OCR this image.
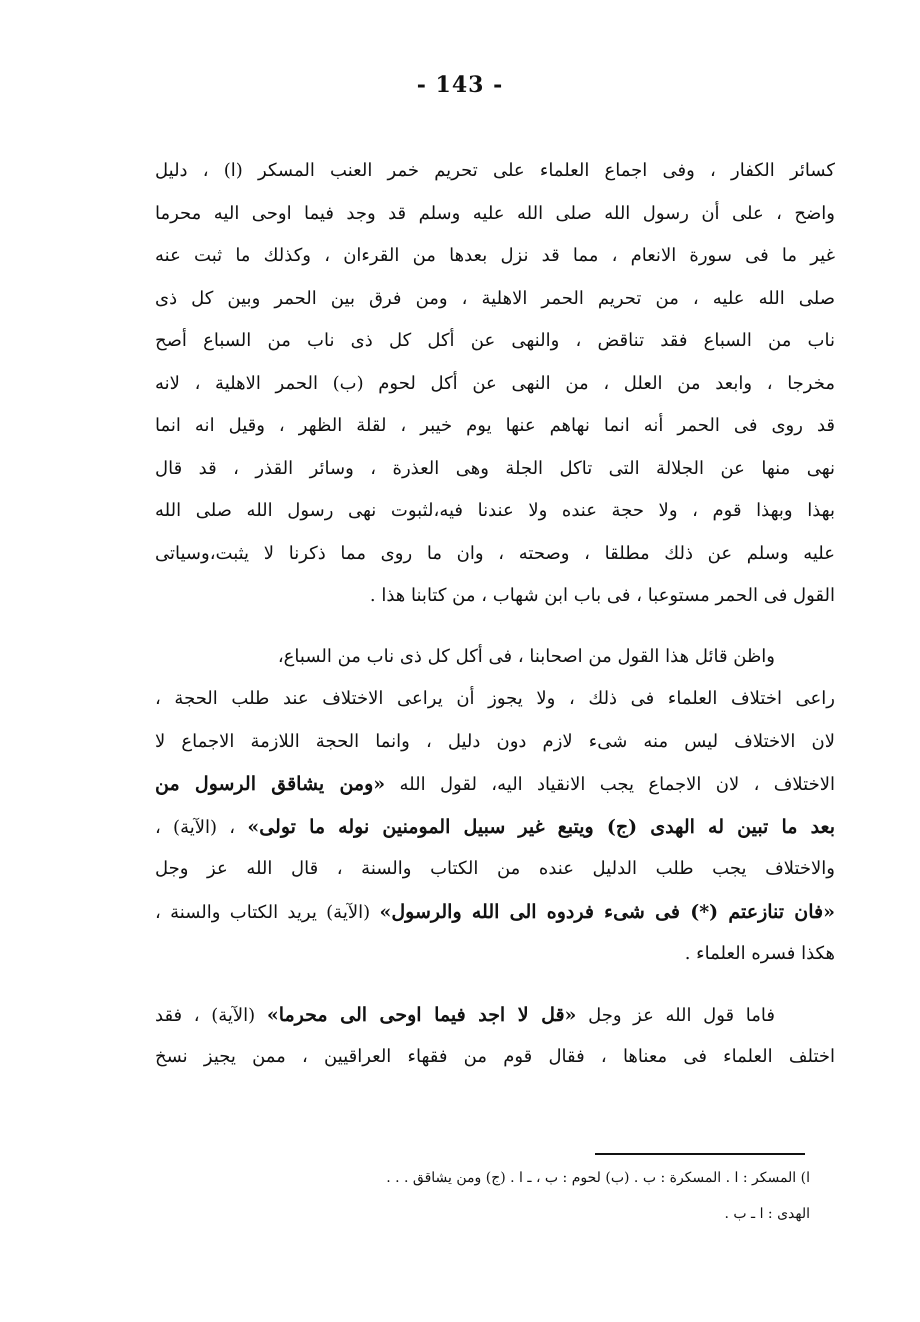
- 143 -
كسائر الكفار ، وفى اجماع العلماء على تحريم خمر العنب المسكر (ا) ، دليل
واضح ، على أن رسول الله صلى الله عليه وسلم قد وجد فيما اوحى اليه محرما
غير ما فى سورة الانعام ، مما قد نزل بعدها من القرءان ، وكذلك ما ثبت عنه
صلى الله عليه ، من تحريم الحمر الاهلية ، ومن فرق بين الحمر وبين كل ذى
ناب من السباع فقد تناقض ، والنهى عن أكل كل ذى ناب من السباع أصح
مخرجا ، وابعد من العلل ، من النهى عن أكل لحوم (ب) الحمر الاهلية ، لانه
قد روى فى الحمر أنه انما نهاهم عنها يوم خيبر ، لقلة الظهر ، وقيل انه انما
نهى منها عن الجلالة التى تاكل الجلة وهى العذرة ، وسائر القذر ، قد قال
بهذا وبهذا قوم ، ولا حجة عنده ولا عندنا فيه،لثبوت نهى رسول الله صلى الله
عليه وسلم عن ذلك مطلقا ، وصحته ، وان ما روى مما ذكرنا لا يثبت،وسياتى
القول فى الحمر مستوعبا ، فى باب ابن شهاب ، من كتابنا هذا .
واظن قائل هذا القول من اصحابنا ، فى أكل كل ذى ناب من السباع،
راعى اختلاف العلماء فى ذلك ، ولا يجوز أن يراعى الاختلاف عند طلب الحجة ،
لان الاختلاف ليس منه شىء لازم دون دليل ، وانما الحجة اللازمة الاجماع لا
الاختلاف ، لان الاجماع يجب الانقياد اليه، لقول الله «ومن يشاقق الرسول من
بعد ما تبين له الهدى (ج) ويتبع غير سبيل المومنين نوله ما تولى» ، (الآية) ،
والاختلاف يجب طلب الدليل عنده من الكتاب والسنة ، قال الله عز وجل
«فان تنازعتم (*) فى شىء فردوه الى الله والرسول» (الآية) يريد الكتاب والسنة ،
هكذا فسره العلماء .
فاما قول الله عز وجل «قل لا اجد فيما اوحى الى محرما» (الآية) ، فقد
اختلف العلماء فى معناها ، فقال قوم من فقهاء العراقيين ، ممن يجيز نسخ
ا) المسكر : ا . المسكرة : ب . (ب) لحوم : ب ، ـ ا . (ج) ومن يشاقق . . .
الهدى : ا ـ ب .
